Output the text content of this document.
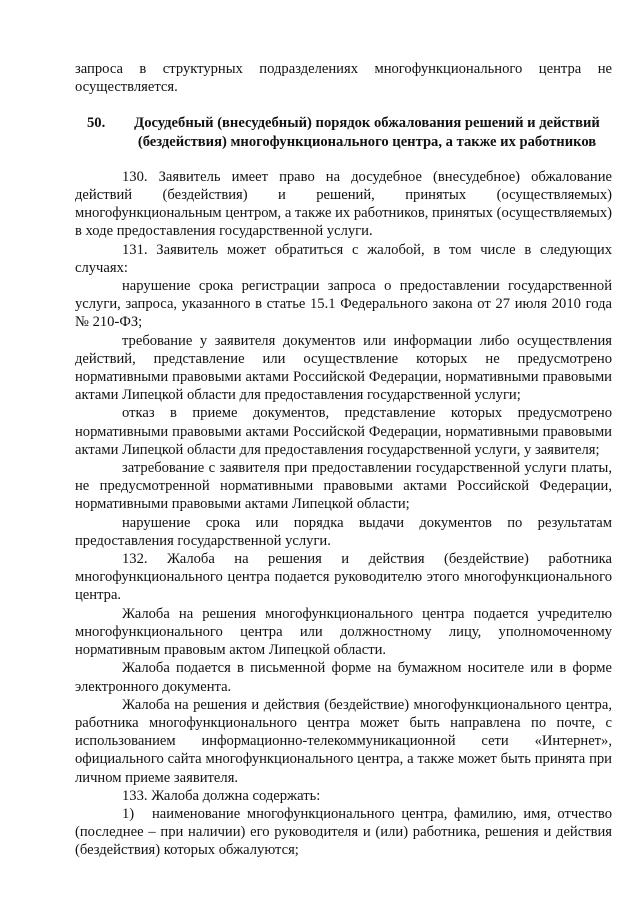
запроса в структурных подразделениях многофункционального центра не осуществляется.

50.	Досудебный (внесудебный) порядок обжалования решений и действий (бездействия) многофункционального центра, а также их работников

130. Заявитель имеет право на досудебное (внесудебное) обжалование действий (бездействия) и решений, принятых (осуществляемых) многофункциональным центром, а также их работников, принятых (осуществляемых) в ходе предоставления государственной услуги.

131. Заявитель может обратиться с жалобой, в том числе в следующих случаях:

нарушение срока регистрации запроса о предоставлении государственной услуги, запроса, указанного в статье 15.1 Федерального закона от 27 июля 2010 года № 210-ФЗ;

требование у заявителя документов или информации либо осуществления действий, представление или осуществление которых не предусмотрено нормативными правовыми актами Российской Федерации, нормативными правовыми актами Липецкой области для предоставления государственной услуги;

отказ в приеме документов, представление которых предусмотрено нормативными правовыми актами Российской Федерации, нормативными правовыми актами Липецкой области для предоставления государственной услуги, у заявителя;

затребование с заявителя при предоставлении государственной услуги платы, не предусмотренной нормативными правовыми актами Российской Федерации, нормативными правовыми актами Липецкой области;

нарушение срока или порядка выдачи документов по результатам предоставления государственной услуги.

132. Жалоба на решения и действия (бездействие) работника многофункционального центра подается руководителю этого многофункционального центра.

Жалоба на решения многофункционального центра подается учредителю многофункционального центра или должностному лицу, уполномоченному нормативным правовым актом Липецкой области.

Жалоба подается в письменной форме на бумажном носителе или в форме электронного документа.

Жалоба на решения и действия (бездействие) многофункционального центра, работника многофункционального центра может быть направлена по почте, с использованием информационно-телекоммуникационной сети «Интернет», официального сайта многофункционального центра, а также может быть принята при личном приеме заявителя.

133. Жалоба должна содержать:

1) наименование многофункционального центра, фамилию, имя, отчество (последнее – при наличии) его руководителя и (или) работника, решения и действия (бездействия) которых обжалуются;
